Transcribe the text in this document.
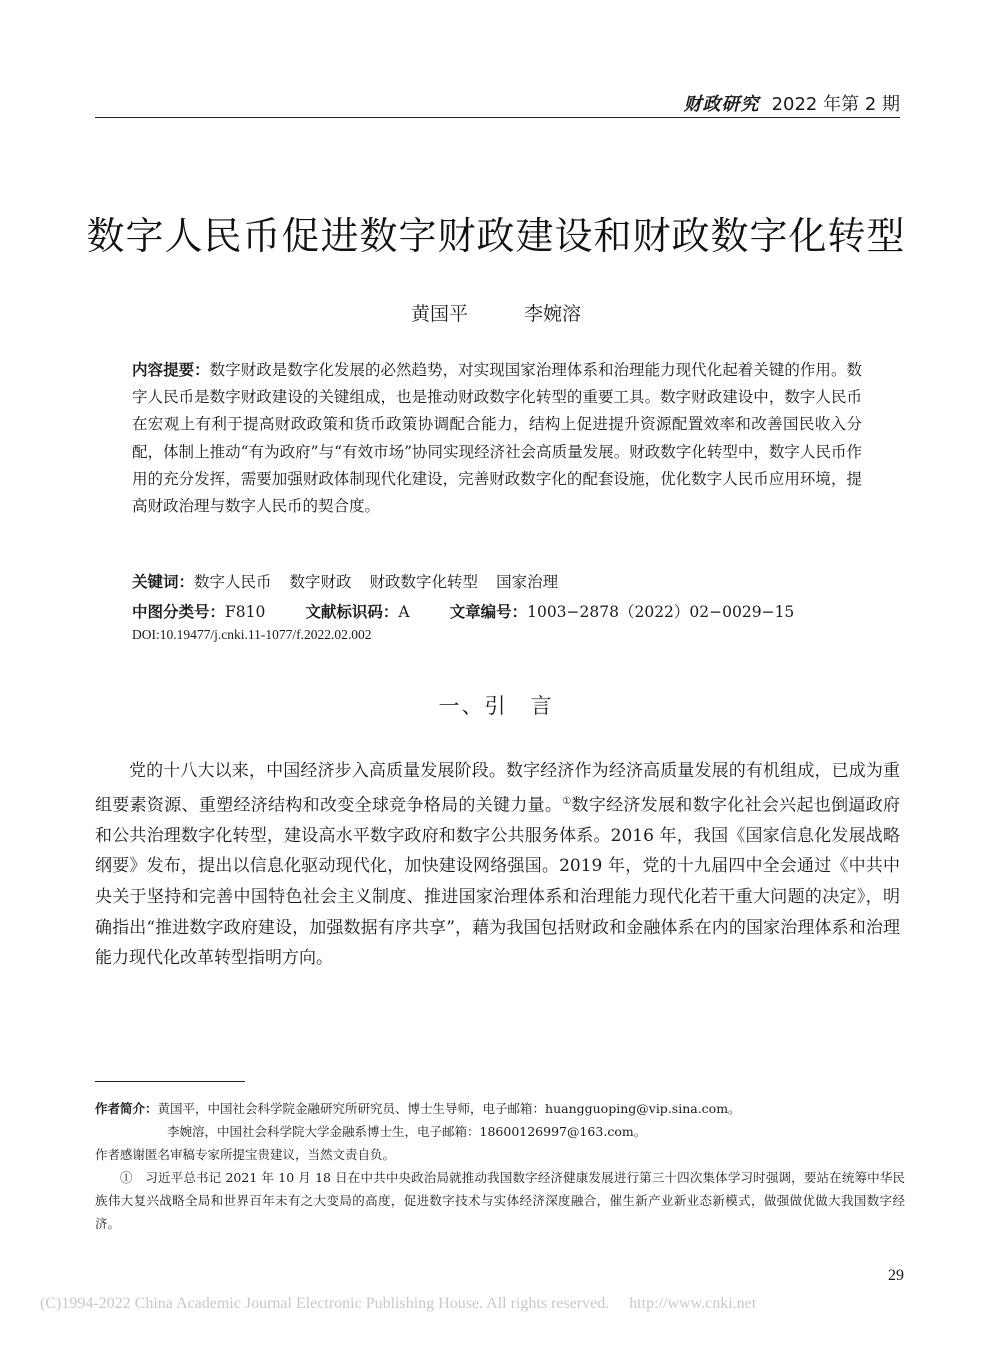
财政研究 2022 年第 2 期
数字人民币促进数字财政建设和财政数字化转型
黄国平	李婉溶
内容提要：数字财政是数字化发展的必然趋势，对实现国家治理体系和治理能力现代化起着关键的作用。数字人民币是数字财政建设的关键组成，也是推动财政数字化转型的重要工具。数字财政建设中，数字人民币在宏观上有利于提高财政政策和货币政策协调配合能力，结构上促进提升资源配置效率和改善国民收入分配，体制上推动“有为政府”与“有效市场”协同实现经济社会高质量发展。财政数字化转型中，数字人民币作用的充分发挥，需要加强财政体制现代化建设，完善财政数字化的配套设施，优化数字人民币应用环境，提高财政治理与数字人民币的契合度。
关键词：数字人民币 数字财政 财政数字化转型 国家治理
中图分类号：F810	文献标识码：A	文章编号：1003−2878（2022）02−0029−15
DOI:10.19477/j.cnki.11-1077/f.2022.02.002
一、引　言
党的十八大以来，中国经济步入高质量发展阶段。数字经济作为经济高质量发展的有机组成，已成为重组要素资源、重塑经济结构和改变全球竞争格局的关键力量。①数字经济发展和数字化社会兴起也倒逼政府和公共治理数字化转型，建设高水平数字政府和数字公共服务体系。2016 年，我国《国家信息化发展战略纲要》发布，提出以信息化驱动现代化，加快建设网络强国。2019 年，党的十九届四中全会通过《中共中央关于坚持和完善中国特色社会主义制度、推进国家治理体系和治理能力现代化若干重大问题的决定》，明确指出“推进数字政府建设，加强数据有序共享”，藉为我国包括财政和金融体系在内的国家治理体系和治理能力现代化改革转型指明方向。
作者简介：黄国平，中国社会科学院金融研究所研究员、博士生导师，电子邮箱：huangguoping@vip.sina.com。
李婉溶，中国社会科学院大学金融系博士生，电子邮箱：18600126997@163.com。
作者感谢匿名审稿专家所提宝贵建议，当然文责自负。
①　习近平总书记 2021 年 10 月 18 日在中共中央政治局就推动我国数字经济健康发展进行第三十四次集体学习时强调，要站在统筹中华民族伟大复兴战略全局和世界百年未有之大变局的高度，促进数字技术与实体经济深度融合，催生新产业新业态新模式，做强做优做大我国数字经济。
29
(C)1994-2022 China Academic Journal Electronic Publishing House. All rights reserved. http://www.cnki.net
